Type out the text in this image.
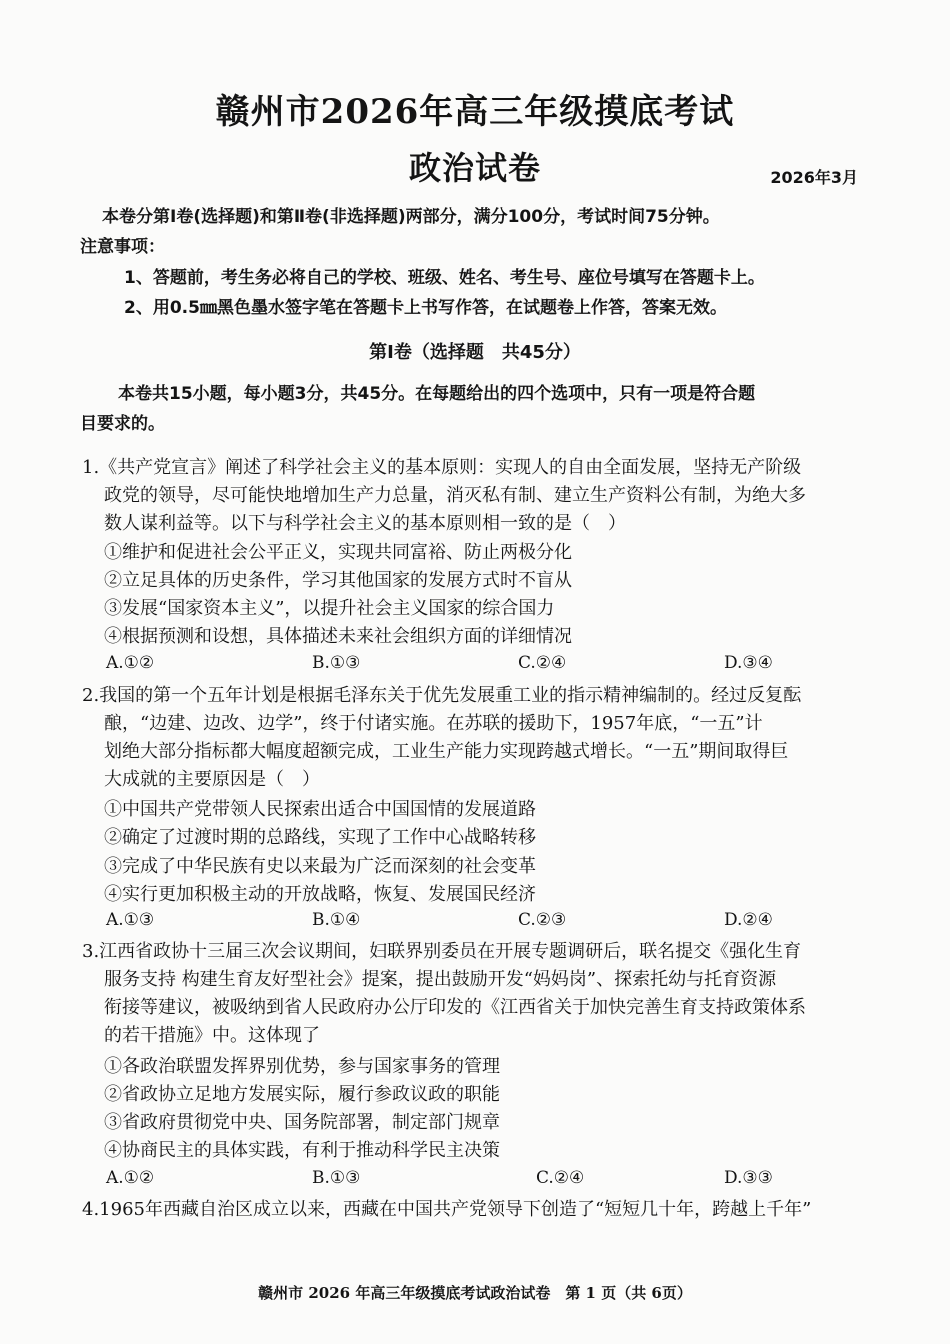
赣州市2026年高三年级摸底考试
政治试卷	2026年3月
本卷分第Ⅰ卷(选择题)和第Ⅱ卷(非选择题)两部分，满分100分，考试时间75分钟。
注意事项：
1、答题前，考生务必将自己的学校、班级、姓名、考生号、座位号填写在答题卡上。
2、用0.5㎜黑色墨水签字笔在答题卡上书写作答，在试题卷上作答，答案无效。
第Ⅰ卷（选择题　共45分）
本卷共15小题，每小题3分，共45分。在每题给出的四个选项中，只有一项是符合题
目要求的。
1.《共产党宣言》阐述了科学社会主义的基本原则：实现人的自由全面发展，坚持无产阶级
政党的领导，尽可能快地增加生产力总量，消灭私有制、建立生产资料公有制，为绝大多
数人谋利益等。以下与科学社会主义的基本原则相一致的是（　）
①维护和促进社会公平正义，实现共同富裕、防止两极分化
②立足具体的历史条件，学习其他国家的发展方式时不盲从
③发展“国家资本主义”，以提升社会主义国家的综合国力
④根据预测和设想，具体描述未来社会组织方面的详细情况
A.①②	B.①③	C.②④	D.③④
2.我国的第一个五年计划是根据毛泽东关于优先发展重工业的指示精神编制的。经过反复酝
酿，“边建、边改、边学”，终于付诸实施。在苏联的援助下，1957年底，“一五”计
划绝大部分指标都大幅度超额完成，工业生产能力实现跨越式增长。“一五”期间取得巨
大成就的主要原因是（　）
①中国共产党带领人民探索出适合中国国情的发展道路
②确定了过渡时期的总路线，实现了工作中心战略转移
③完成了中华民族有史以来最为广泛而深刻的社会变革
④实行更加积极主动的开放战略，恢复、发展国民经济
A.①③	B.①④	C.②③	D.②④
3.江西省政协十三届三次会议期间，妇联界别委员在开展专题调研后，联名提交《强化生育
服务支持 构建生育友好型社会》提案，提出鼓励开发“妈妈岗”、探索托幼与托育资源
衔接等建议，被吸纳到省人民政府办公厅印发的《江西省关于加快完善生育支持政策体系
的若干措施》中。这体现了
①各政治联盟发挥界别优势，参与国家事务的管理
②省政协立足地方发展实际，履行参政议政的职能
③省政府贯彻党中央、国务院部署，制定部门规章
④协商民主的具体实践，有利于推动科学民主决策
A.①②	B.①③	C.②④	D.③③
4.1965年西藏自治区成立以来，西藏在中国共产党领导下创造了“短短几十年，跨越上千年”
赣州市 2026 年高三年级摸底考试政治试卷　第 1 页（共 6页）
